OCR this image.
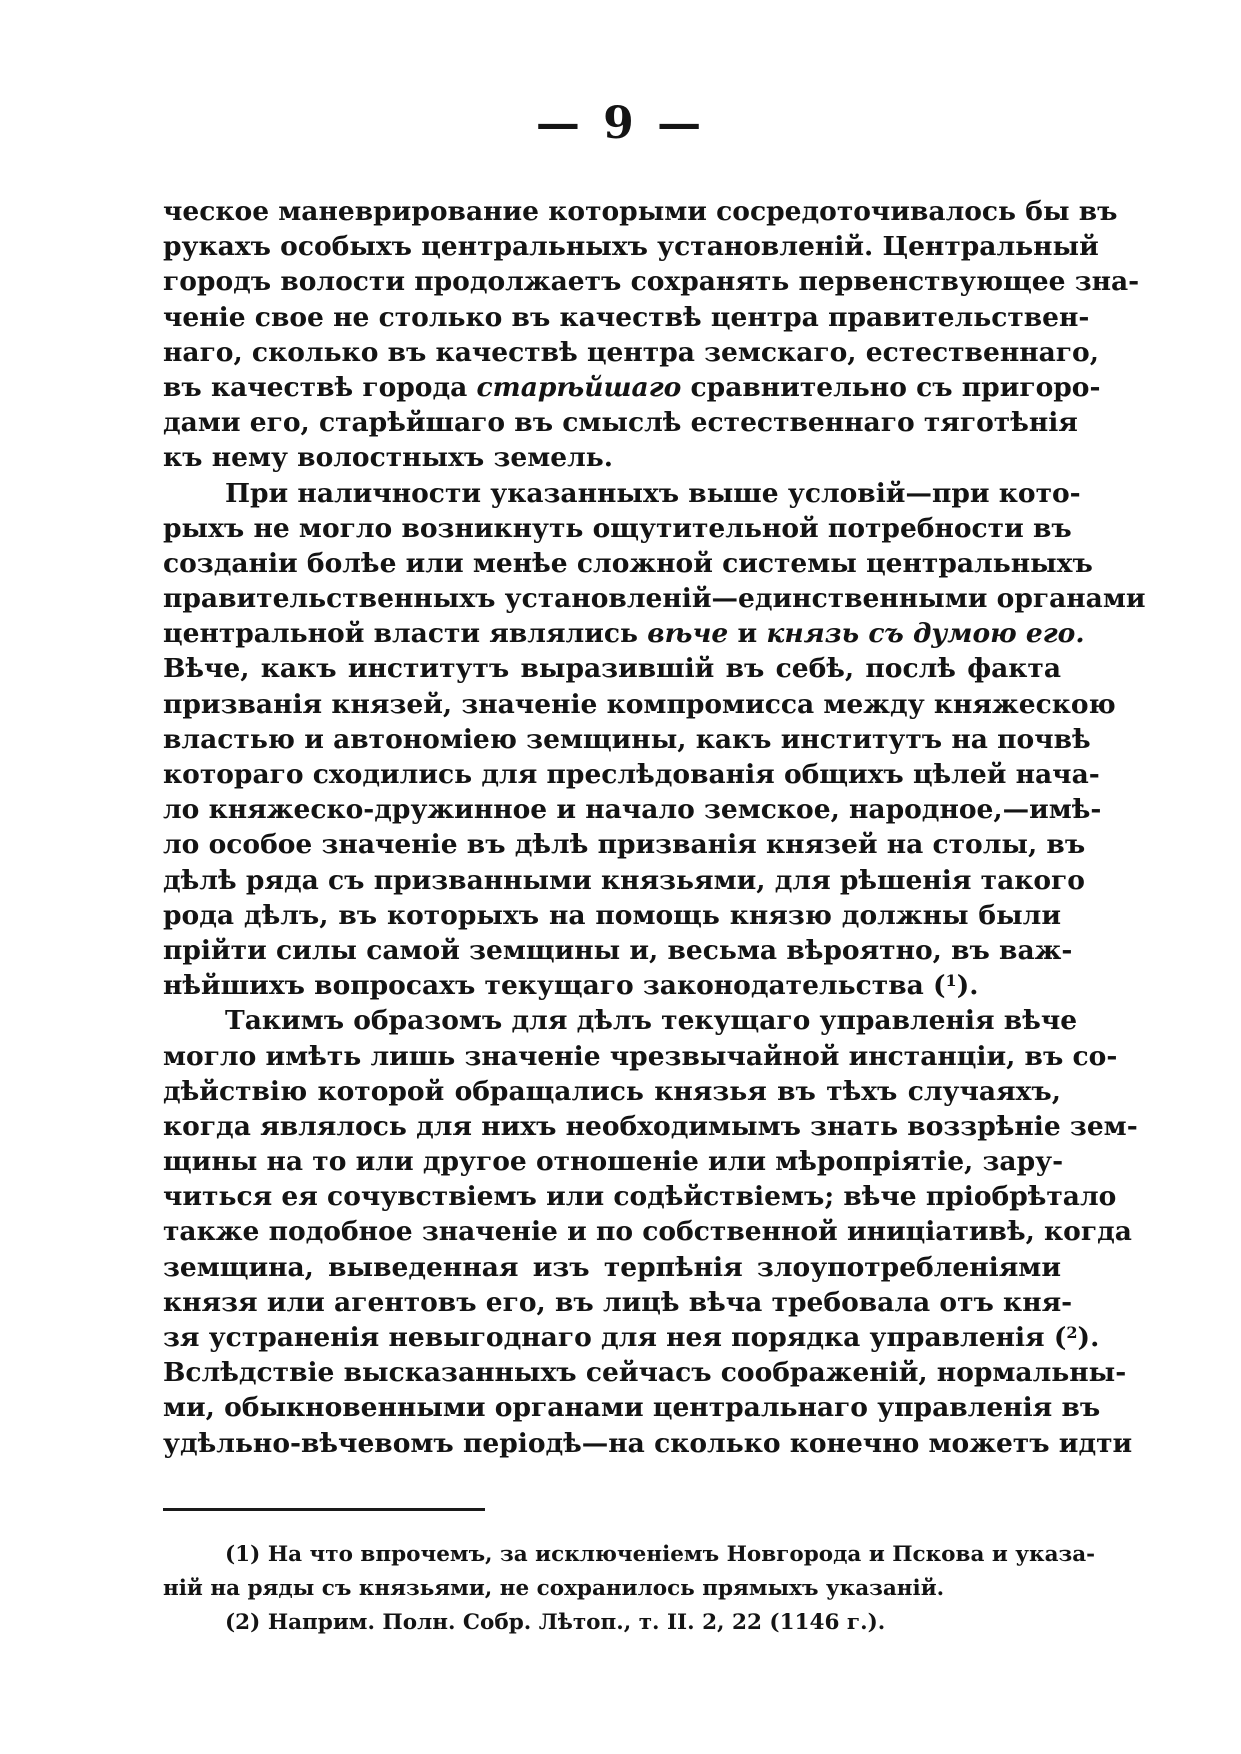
— 9 —
ческое маневрирование которыми сосредоточивалось бы въ
рукахъ особыхъ центральныхъ установленій. Центральный
городъ волости продолжаетъ сохранять первенствующее зна-
ченіе свое не столько въ качествѣ центра правительствен-
наго, сколько въ качествѣ центра земскаго, естественнаго,
въ качествѣ города старѣйшаго сравнительно съ пригоро-
дами его, старѣйшаго въ смыслѣ естественнаго тяготѣнія
къ нему волостныхъ земель.
При наличности указанныхъ выше условій—при кото-
рыхъ не могло возникнуть ощутительной потребности въ
созданіи болѣе или менѣе сложной системы центральныхъ
правительственныхъ установленій—единственными органами
центральной власти являлись вѣче и князь съ думою его.
Вѣче, какъ институтъ выразившій въ себѣ, послѣ факта
призванія князей, значеніе компромисса между княжескою
властью и автономіею земщины, какъ институтъ на почвѣ
котораго сходились для преслѣдованія общихъ цѣлей нача-
ло княжеско-дружинное и начало земское, народное,—имѣ-
ло особое значеніе въ дѣлѣ призванія князей на столы, въ
дѣлѣ ряда съ призванными князьями, для рѣшенія такого
рода дѣлъ, въ которыхъ на помощь князю должны были
прійти силы самой земщины и, весьма вѣроятно, въ важ-
нѣйшихъ вопросахъ текущаго законодательства ($^1$).
Такимъ образомъ для дѣлъ текущаго управленія вѣче
могло имѣть лишь значеніе чрезвычайной инстанціи, въ со-
дѣйствію которой обращались князья въ тѣхъ случаяхъ,
когда являлось для нихъ необходимымъ знать воззрѣніе зем-
щины на то или другое отношеніе или мѣропріятіе, зару-
читься ея сочувствіемъ или содѣйствіемъ; вѣче пріобрѣтало
также подобное значеніе и по собственной иниціативѣ, когда
земщина, выведенная изъ терпѣнія злоупотребленіями
князя или агентовъ его, въ лицѣ вѣча требовала отъ кня-
зя устраненія невыгоднаго для нея порядка управленія ($^2$).
Вслѣдствіе высказанныхъ сейчасъ соображеній, нормальны-
ми, обыкновенными органами центральнаго управленія въ
удѣльно-вѣчевомъ періодѣ—на сколько конечно можетъ идти
(1) На что впрочемъ, за исключеніемъ Новгорода и Пскова и указа-
ній на ряды съ князьями, не сохранилось прямыхъ указаній.
(2) Наприм. Полн. Собр. Лѣтоп., т. II. 2, 22 (1146 г.).
